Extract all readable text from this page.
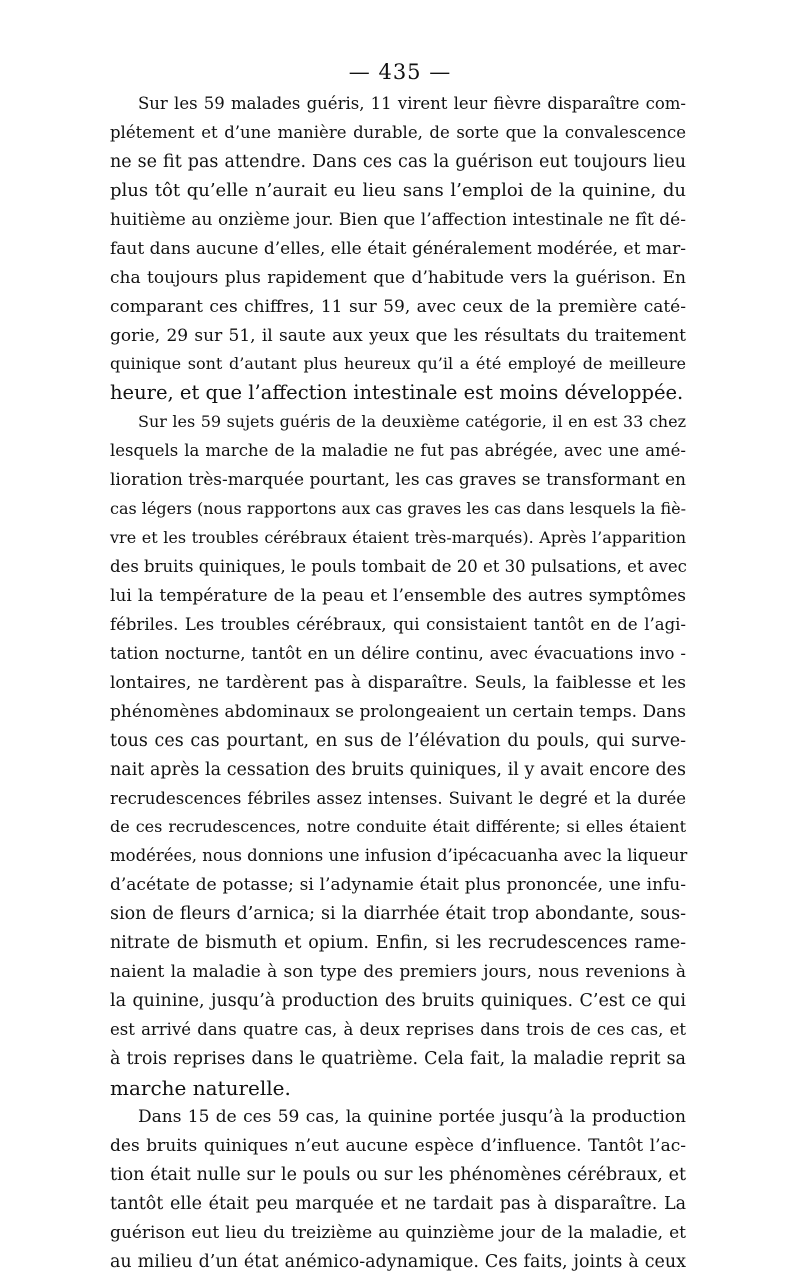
— 435 —
Sur les 59 malades guéris, 11 virent leur fièvre disparaître com-
plétement et d’une manière durable, de sorte que la convalescence
ne se fit pas attendre. Dans ces cas la guérison eut toujours lieu
plus tôt qu’elle n’aurait eu lieu sans l’emploi de la quinine, du
huitième au onzième jour. Bien que l’affection intestinale ne fît dé-
faut dans aucune d’elles, elle était généralement modérée, et mar-
cha toujours plus rapidement que d’habitude vers la guérison. En
comparant ces chiffres, 11 sur 59, avec ceux de la première caté-
gorie, 29 sur 51, il saute aux yeux que les résultats du traitement
quinique sont d’autant plus heureux qu’il a été employé de meilleure
heure, et que l’affection intestinale est moins développée.
Sur les 59 sujets guéris de la deuxième catégorie, il en est 33 chez
lesquels la marche de la maladie ne fut pas abrégée, avec une amé-
lioration très-marquée pourtant, les cas graves se transformant en
cas légers (nous rapportons aux cas graves les cas dans lesquels la fiè-
vre et les troubles cérébraux étaient très-marqués). Après l’apparition
des bruits quiniques, le pouls tombait de 20 et 30 pulsations, et avec
lui la température de la peau et l’ensemble des autres symptômes
fébriles. Les troubles cérébraux, qui consistaient tantôt en de l’agi-
tation nocturne, tantôt en un délire continu, avec évacuations invo -
lontaires, ne tardèrent pas à disparaître. Seuls, la faiblesse et les
phénomènes abdominaux se prolongeaient un certain temps. Dans
tous ces cas pourtant, en sus de l’élévation du pouls, qui surve-
nait après la cessation des bruits quiniques, il y avait encore des
recrudescences fébriles assez intenses. Suivant le degré et la durée
de ces recrudescences, notre conduite était différente; si elles étaient
modérées, nous donnions une infusion d’ipécacuanha avec la liqueur
d’acétate de potasse; si l’adynamie était plus prononcée, une infu-
sion de fleurs d’arnica; si la diarrhée était trop abondante, sous-
nitrate de bismuth et opium. Enfin, si les recrudescences rame-
naient la maladie à son type des premiers jours, nous revenions à
la quinine, jusqu’à production des bruits quiniques. C’est ce qui
est arrivé dans quatre cas, à deux reprises dans trois de ces cas, et
à trois reprises dans le quatrième. Cela fait, la maladie reprit sa
marche naturelle.
Dans 15 de ces 59 cas, la quinine portée jusqu’à la production
des bruits quiniques n’eut aucune espèce d’influence. Tantôt l’ac-
tion était nulle sur le pouls ou sur les phénomènes cérébraux, et
tantôt elle était peu marquée et ne tardait pas à disparaître. La
guérison eut lieu du treizième au quinzième jour de la maladie, et
au milieu d’un état anémico-adynamique. Ces faits, joints à ceux
